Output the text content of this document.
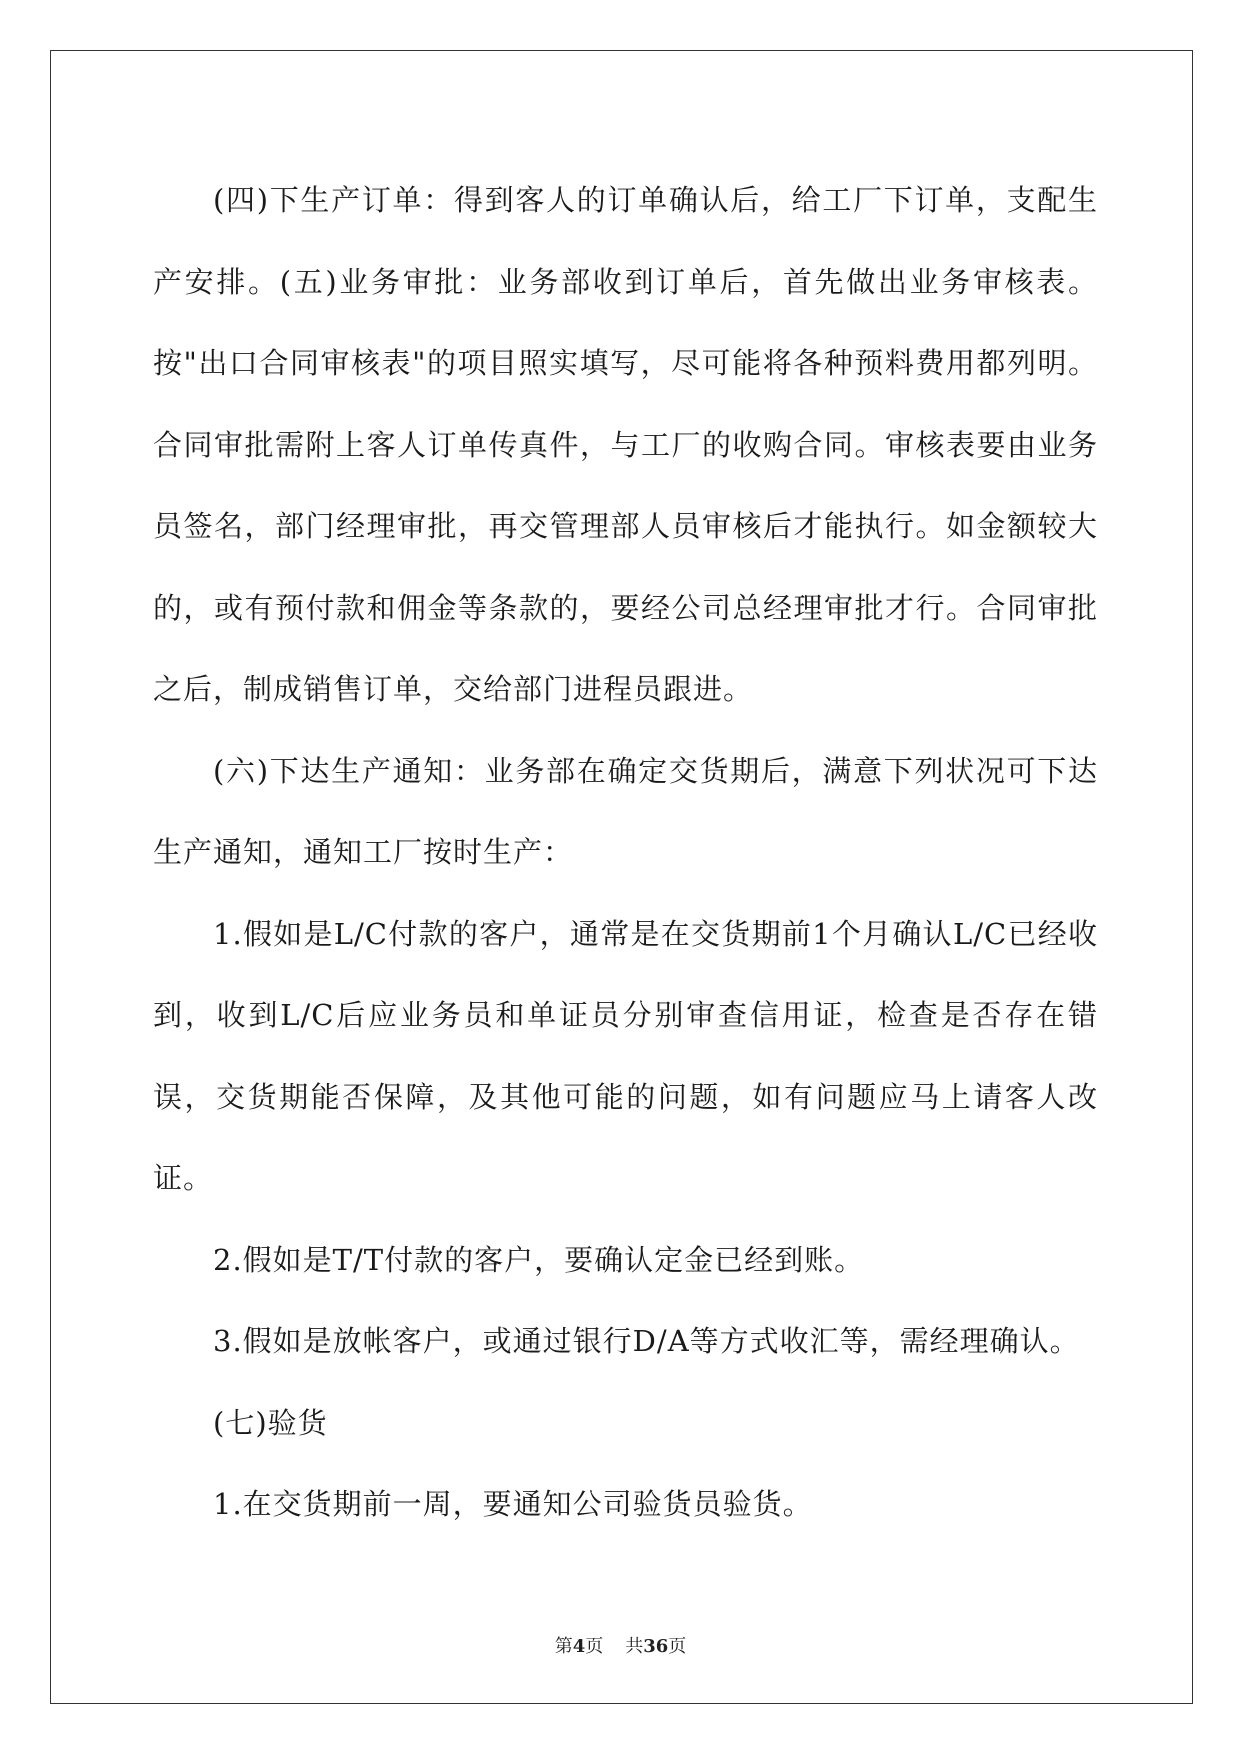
(四)下生产订单：得到客人的订单确认后，给工厂下订单，支配生产安排。(五)业务审批：业务部收到订单后，首先做出业务审核表。按"出口合同审核表"的项目照实填写，尽可能将各种预料费用都列明。合同审批需附上客人订单传真件，与工厂的收购合同。审核表要由业务员签名，部门经理审批，再交管理部人员审核后才能执行。如金额较大的，或有预付款和佣金等条款的，要经公司总经理审批才行。合同审批之后，制成销售订单，交给部门进程员跟进。

(六)下达生产通知：业务部在确定交货期后，满意下列状况可下达生产通知，通知工厂按时生产：

1.假如是L/C付款的客户，通常是在交货期前1个月确认L/C已经收到，收到L/C后应业务员和单证员分别审查信用证，检查是否存在错误，交货期能否保障，及其他可能的问题，如有问题应马上请客人改证。

2.假如是T/T付款的客户，要确认定金已经到账。

3.假如是放帐客户，或通过银行D/A等方式收汇等，需经理确认。

(七)验货

1.在交货期前一周，要通知公司验货员验货。

第4页 共36页
